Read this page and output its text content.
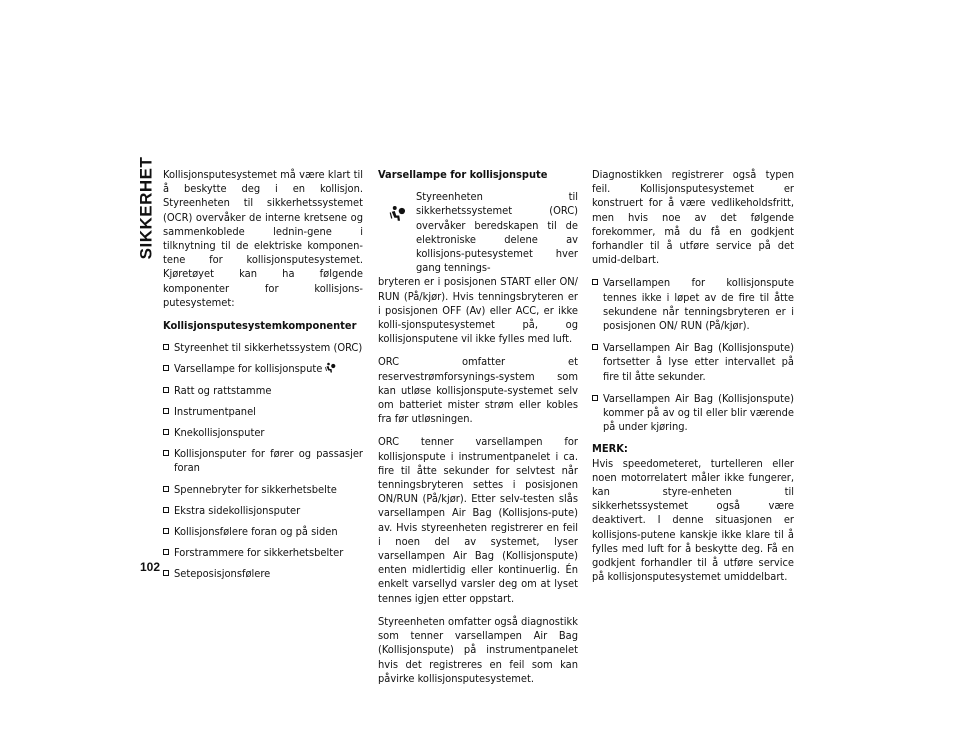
SIKKERHET Kollisjonsputesystemet må være klart til å beskytte deg i en kollisjon. Styreenheten til sikkerhetssystemet (OCR) overvåker de interne kretsene og sammenkoblede lednin-gene i tilknytning til de elektriske komponen-tene for kollisjonsputesystemet. Kjøretøyet kan ha følgende komponenter for kollisjons-putesystemet:

Kollisjonsputesystemkomponenter
Styreenhet til sikkerhetssystem (ORC)
Varsellampe for kollisjonspute
Ratt og rattstamme
Instrumentpanel
Knekollisjonsputer
Kollisjonsputer for fører og passasjer foran
Spennebryter for sikkerhetsbelte
Ekstra sidekollisjonsputer
Kollisjonsfølere foran og på siden
Forstrammere for sikkerhetsbelter
Seteposisjonsfølere
Varsellampe for kollisjonspute
Styreenheten til sikkerhetssystemet (ORC) overvåker beredskapen til de elektroniske delene av kollisjons-putesystemet hver gang tennings-

bryteren er i posisjonen START eller ON/ RUN (På/kjør). Hvis tenningsbryteren er i posisjonen OFF (Av) eller ACC, er ikke kolli-sjonsputesystemet på, og kollisjonsputene vil ikke fylles med luft.

ORC omfatter et reservestrømforsynings-system som kan utløse kollisjonspute-systemet selv om batteriet mister strøm eller kobles fra før utløsningen.

ORC tenner varsellampen for kollisjonspute i instrumentpanelet i ca. fire til åtte sekunder for selvtest når tenningsbryteren settes i posisjonen ON/RUN (På/kjør). Etter selv-testen slås varsellampen Air Bag (Kollisjons-pute) av. Hvis styreenheten registrerer en feil i noen del av systemet, lyser varsellampen Air Bag (Kollisjonspute) enten midlertidig eller kontinuerlig. Én enkelt varsellyd varsler deg om at lyset tennes igjen etter oppstart.

Styreenheten omfatter også diagnostikk som tenner varsellampen Air Bag (Kollisjonspute) på instrumentpanelet hvis det registreres en feil som kan påvirke kollisjonsputesystemet.

Diagnostikken registrerer også typen feil. Kollisjonsputesystemet er konstruert for å være vedlikeholdsfritt, men hvis noe av det følgende forekommer, må du få en godkjent forhandler til å utføre service på det umid-delbart.

Varsellampen for kollisjonspute tennes ikke i løpet av de fire til åtte sekundene når tenningsbryteren er i posisjonen ON/ RUN (På/kjør).
Varsellampen Air Bag (Kollisjonspute) fortsetter å lyse etter intervallet på fire til åtte sekunder.
Varsellampen Air Bag (Kollisjonspute) kommer på av og til eller blir værende på under kjøring.

MERK:
Hvis speedometeret, turtelleren eller noen motorrelatert måler ikke fungerer, kan styre-enheten til sikkerhetssystemet også være deaktivert. I denne situasjonen er kollisjons-putene kanskje ikke klare til å fylles med luft for å beskytte deg. Få en godkjent forhandler til å utføre service på kollisjonsputesystemet umiddelbart.

102
